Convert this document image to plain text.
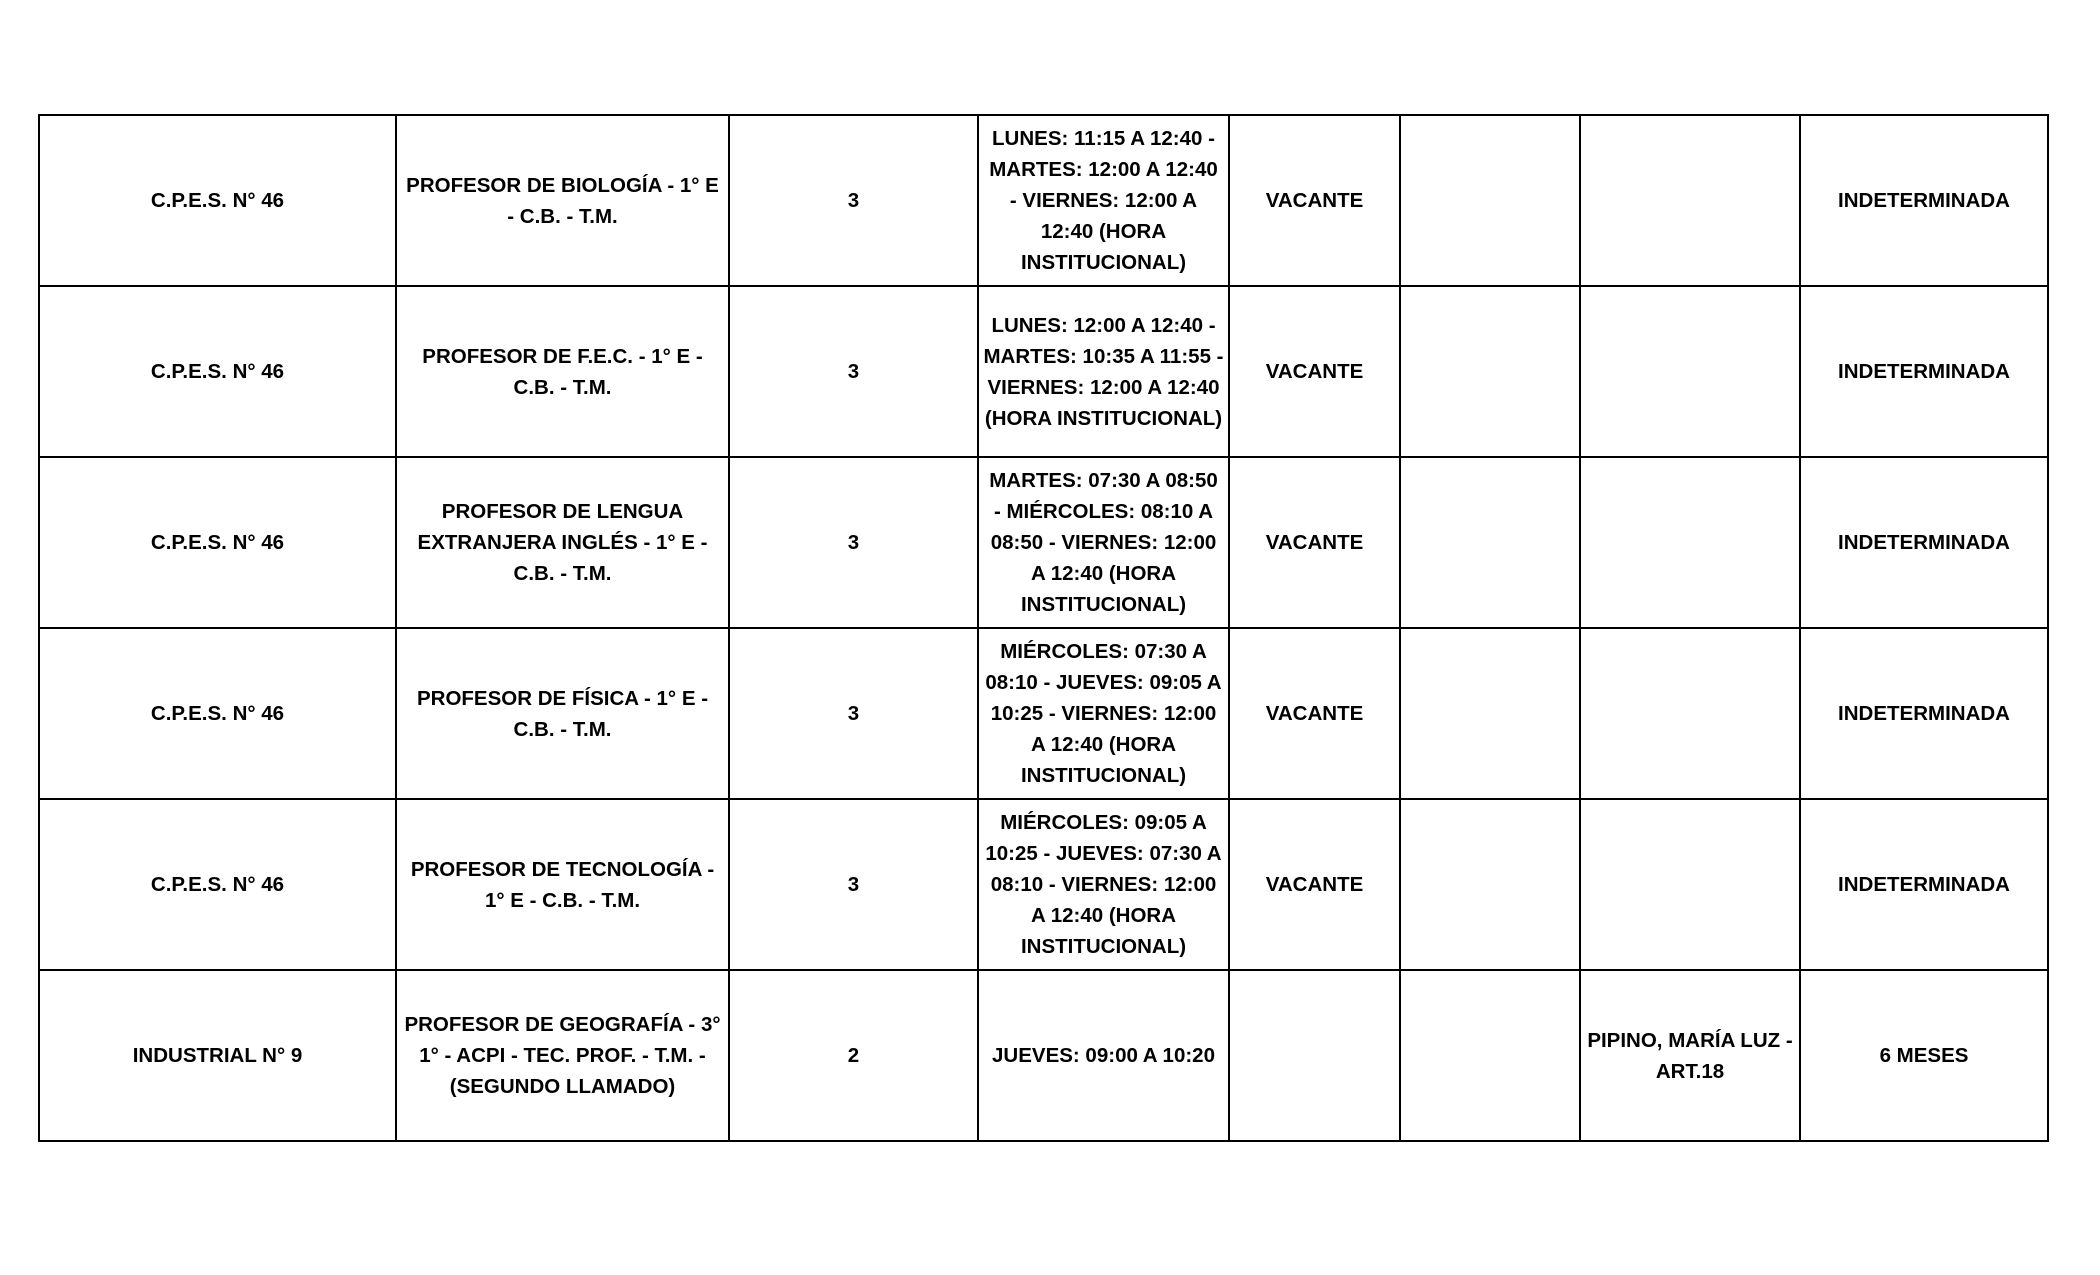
C.P.E.S. N° 46	PROFESOR DE BIOLOGÍA - 1° E - C.B. - T.M.	3	LUNES: 11:15 A 12:40 - MARTES: 12:00 A 12:40 - VIERNES: 12:00 A 12:40 (HORA INSTITUCIONAL)	VACANTE			INDETERMINADA
C.P.E.S. N° 46	PROFESOR DE F.E.C. - 1° E - C.B. - T.M.	3	LUNES: 12:00 A 12:40 - MARTES: 10:35 A 11:55 - VIERNES: 12:00 A 12:40 (HORA INSTITUCIONAL)	VACANTE			INDETERMINADA
C.P.E.S. N° 46	PROFESOR DE LENGUA EXTRANJERA INGLÉS - 1° E - C.B. - T.M.	3	MARTES: 07:30 A 08:50 - MIÉRCOLES: 08:10 A 08:50 - VIERNES: 12:00 A 12:40 (HORA INSTITUCIONAL)	VACANTE			INDETERMINADA
C.P.E.S. N° 46	PROFESOR DE FÍSICA - 1° E - C.B. - T.M.	3	MIÉRCOLES: 07:30 A 08:10 - JUEVES: 09:05 A 10:25 - VIERNES: 12:00 A 12:40 (HORA INSTITUCIONAL)	VACANTE			INDETERMINADA
C.P.E.S. N° 46	PROFESOR DE TECNOLOGÍA - 1° E - C.B. - T.M.	3	MIÉRCOLES: 09:05 A 10:25 - JUEVES: 07:30 A 08:10 - VIERNES: 12:00 A 12:40 (HORA INSTITUCIONAL)	VACANTE			INDETERMINADA
INDUSTRIAL N° 9	PROFESOR DE GEOGRAFÍA - 3° 1° - ACPI - TEC. PROF. - T.M. - (SEGUNDO LLAMADO)	2	JUEVES: 09:00 A 10:20			PIPINO, MARÍA LUZ - ART.18	6 MESES
